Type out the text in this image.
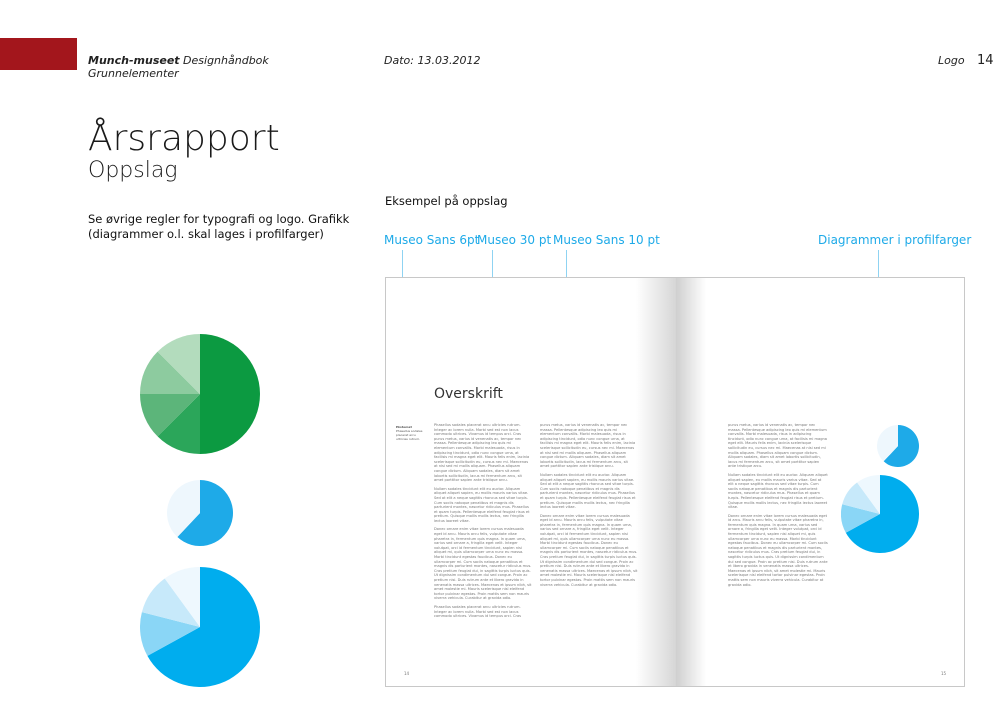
Munch-museet Designhåndbok
Grunnelementer
Dato: 13.03.2012	Logo 14
Årsrapport
Oppslag
Se øvrige regler for typografi og logo. Grafikk (diagrammer o.l. skal lages i profilfarger)
Eksempel på oppslag
Museo Sans 6pt
Museo 30 pt Museo Sans 10 pt	Diagrammer i profilfarger
Overskrift
Ekstemat
Phasellus sodales placerat arcu ultricies rutrum.

Phasellus sodales placerat arcu ultricies rutrum. Integer ac lorem nulla. Morbi sed est non lacus commodo ultrices. Vivamus id tempus orci. Cras purus metus, varius id venenatis ac, tempor nec massa. Pellentesque adipiscing leo quis mi elementum convallis. Morbi malesuada, risus in adipiscing tincidunt, odio nunc congue urna, at facilisis mi magna eget elit. Mauris felis enim, lacinia scelerisque sollicitudin eu, cursus nec mi. Maecenas at nisi sed mi mollis aliquam. Phasellus aliquam congue dictum. Aliquam sodales, diam sit amet lobortis sollicitudin, lacus mi fermentum arcu, sit amet porttitor sapien ante tristique arcu.

Nullam sodales tincidunt elit eu auctor. Aliquam aliquet aliquet sapien, eu mollis mauris varius vitae. Sed at elit a neque sagittis rhoncus sed vitae turpis. Cum sociis natoque penatibus et magnis dis parturient montes, nascetur ridiculus mus. Phasellus et quam turpis. Pellentesque eleifend feugiat risus et pretium. Quisque mollis mollis lectus, nec fringilla lectus laoreet vitae.

Donec ornare enim vitae lorem cursus malesuada eget id arcu. Mauris arcu felis, vulputate vitae pharetra in, fermentum quis magna. In quam urna, varius sed ornare a, fringilla eget velit. Integer volutpat, orci id fermentum tincidunt, sapien nisi aliquet mi, quis ullamcorper urna nunc eu massa. Morbi tincidunt egestas faucibus. Donec eu ullamcorper mi. Cum sociis natoque penatibus et magnis dis parturient montes, nascetur ridiculus mus. Cras pretium feugiat dui, in sagittis turpis luctus quis. Ut dignissim condimentum dui sed congue. Proin ac pretium nisi. Duis rutrum ante et libero gravida in venenatis massa ultrices. Maecenas et ipsum nibh, sit amet molestie mi. Mauris scelerisque nisl eleifend tortor pulvinar egestas. Proin mattis sem non mauris viverra vehicula. Curabitur at gravida odio.

Phasellus sodales placerat arcu ultricies rutrum. Integer ac lorem nulla. Morbi sed est non lacus commodo ultrices. Vivamus id tempus orci. Cras

purus metus, varius id venenatis ac, tempor nec massa. Pellentesque adipiscing leo quis mi elementum convallis. Morbi malesuada, risus in adipiscing tincidunt, odio nunc congue urna, at facilisis mi magna eget elit. Mauris felis enim, lacinia scelerisque sollicitudin eu, cursus nec mi. Maecenas at nisi sed mi mollis aliquam. Phasellus aliquam congue dictum. Aliquam sodales, diam sit amet lobortis sollicitudin, lacus mi fermentum arcu, sit amet porttitor sapien ante tristique arcu.

Nullam sodales tincidunt elit eu auctor. Aliquam aliquet aliquet sapien, eu mollis mauris varius vitae. Sed at elit a neque sagittis rhoncus sed vitae turpis. Cum sociis natoque penatibus et magnis dis parturient montes, nascetur ridiculus mus. Phasellus et quam turpis. Pellentesque eleifend feugiat risus et pretium. Quisque mollis mollis lectus, nec fringilla lectus laoreet vitae.

Donec ornare enim vitae lorem cursus malesuada eget id arcu. Mauris arcu felis, vulputate vitae pharetra in, fermentum quis magna. In quam urna, varius sed ornare a, fringilla eget velit. Integer volutpat, orci id fermentum tincidunt, sapien nisi aliquet mi, quis ullamcorper urna nunc eu massa. Morbi tincidunt egestas faucibus. Donec eu ullamcorper mi. Cum sociis natoque penatibus et magnis dis parturient montes, nascetur ridiculus mus. Cras pretium feugiat dui, in sagittis turpis luctus quis. Ut dignissim condimentum dui sed congue. Proin ac pretium nisi. Duis rutrum ante et libero gravida in venenatis massa ultrices. Maecenas et ipsum nibh, sit amet molestie mi. Mauris scelerisque nisl eleifend tortor pulvinar egestas. Proin mattis sem non mauris viverra vehicula. Curabitur at gravida odio.

purus metus, varius id venenatis ac, tempor nec massa. Pellentesque adipiscing leo quis mi elementum convallis. Morbi malesuada, risus in adipiscing tincidunt, odio nunc congue urna, at facilisis mi magna eget elit. Mauris felis enim, lacinia scelerisque sollicitudin eu, cursus nec mi. Maecenas at nisi sed mi mollis aliquam. Phasellus aliquam congue dictum. Aliquam sodales, diam sit amet lobortis sollicitudin, lacus mi fermentum arcu, sit amet porttitor sapien ante tristique arcu.

Nullam sodales tincidunt elit eu auctor. Aliquam aliquet aliquet sapien, eu mollis mauris varius vitae. Sed at elit a neque sagittis rhoncus sed vitae turpis. Cum sociis natoque penatibus et magnis dis parturient montes, nascetur ridiculus mus. Phasellus et quam turpis. Pellentesque eleifend feugiat risus et pretium. Quisque mollis mollis lectus, nec fringilla lectus laoreet vitae.

Donec ornare enim vitae lorem cursus malesuada eget id arcu. Mauris arcu felis, vulputate vitae pharetra in, fermentum quis magna. In quam urna, varius sed ornare a, fringilla eget velit. Integer volutpat, orci id fermentum tincidunt, sapien nisi aliquet mi, quis ullamcorper urna nunc eu massa. Morbi tincidunt egestas faucibus. Donec eu ullamcorper mi. Cum sociis natoque penatibus et magnis dis parturient montes, nascetur ridiculus mus. Cras pretium feugiat dui, in sagittis turpis luctus quis. Ut dignissim condimentum dui sed congue. Proin ac pretium nisi. Duis rutrum ante et libero gravida in venenatis massa ultrices. Maecenas et ipsum nibh, sit amet molestie mi. Mauris scelerisque nisl eleifend tortor pulvinar egestas. Proin mattis sem non mauris viverra vehicula. Curabitur at gravida odio.

14	15
